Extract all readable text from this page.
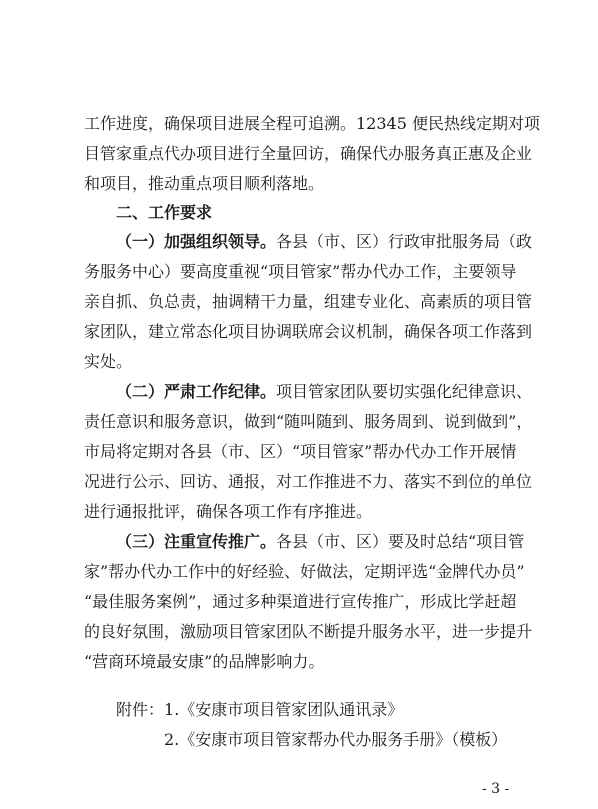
工作进度，确保项目进展全程可追溯。12345 便民热线定期对项
目管家重点代办项目进行全量回访，确保代办服务真正惠及企业
和项目，推动重点项目顺利落地。
二、工作要求
（一）加强组织领导。各县（市、区）行政审批服务局（政
务服务中心）要高度重视“项目管家”帮办代办工作，主要领导
亲自抓、负总责，抽调精干力量，组建专业化、高素质的项目管
家团队，建立常态化项目协调联席会议机制，确保各项工作落到
实处。
（二）严肃工作纪律。项目管家团队要切实强化纪律意识、
责任意识和服务意识，做到“随叫随到、服务周到、说到做到”，
市局将定期对各县（市、区）“项目管家”帮办代办工作开展情
况进行公示、回访、通报，对工作推进不力、落实不到位的单位
进行通报批评，确保各项工作有序推进。
（三）注重宣传推广。各县（市、区）要及时总结“项目管
家”帮办代办工作中的好经验、好做法，定期评选“金牌代办员”
“最佳服务案例”，通过多种渠道进行宣传推广，形成比学赶超
的良好氛围，激励项目管家团队不断提升服务水平，进一步提升
“营商环境最安康”的品牌影响力。
附件：1.《安康市项目管家团队通讯录》
2.《安康市项目管家帮办代办服务手册》（模板）
- 3 -
